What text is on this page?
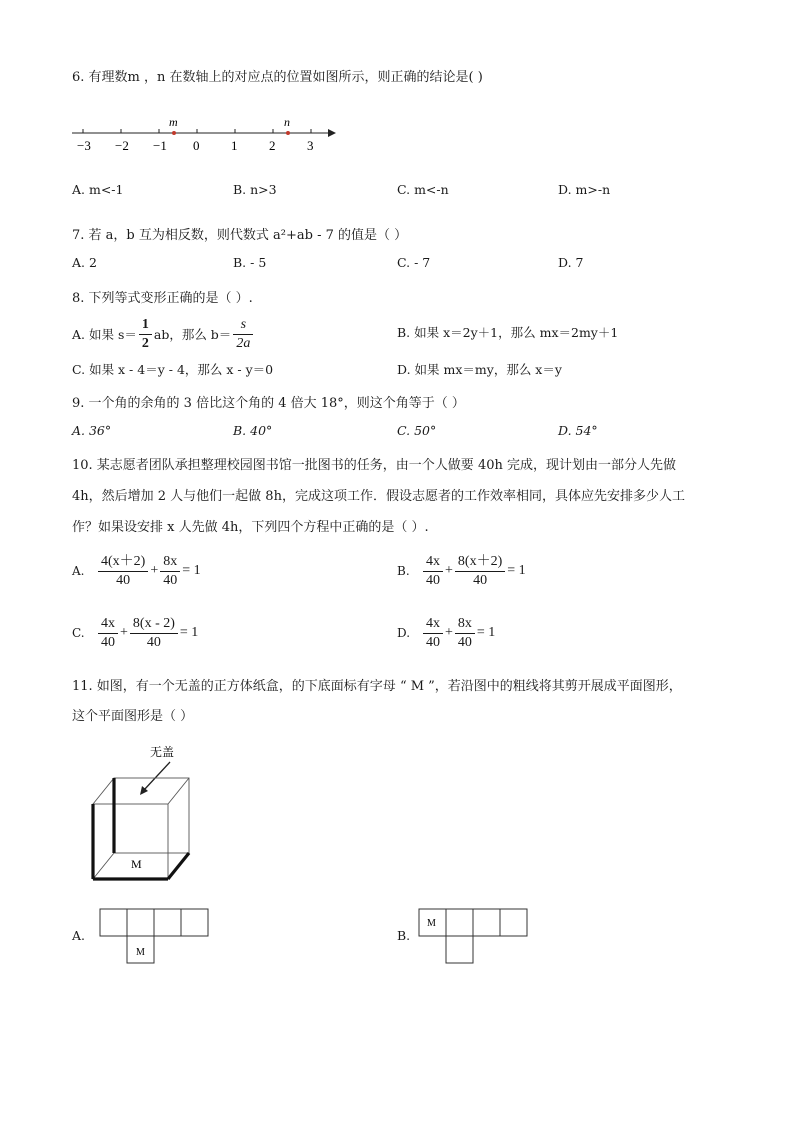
6. 有理数m ，n 在数轴上的对应点的位置如图所示，则正确的结论是( )
−3 −2 −1 0 1 2 3
m	n
A. m<-1	B. n>3	C. m<-n	D. m>-n
7. 若 a，b 互为相反数，则代数式 a²+ab - 7 的值是（ ）
A. 2	B. - 5	C. - 7	D. 7
8. 下列等式变形正确的是（ ）.
A. 如果 $s= \frac{1}{2}$ ab，那么 $b= \frac{s}{2a}$	B. 如果 x＝2y＋1，那么 mx＝2my＋1
C. 如果 x - 4＝y - 4，那么 x - y＝0	D. 如果 mx＝my，那么 x＝y
9. 一个角的余角的 3 倍比这个角的 4 倍大 18°，则这个角等于（ ）
A. 36°	B. 40°	C. 50°	D. 54°
10. 某志愿者团队承担整理校园图书馆一批图书的任务，由一个人做要 40h 完成，现计划由一部分人先做
4h，然后增加 2 人与他们一起做 8h，完成这项工作．假设志愿者的工作效率相同，具体应先安排多少人工
作？如果设安排 x 人先做 4h，下列四个方程中正确的是（ ）.
A. $\frac{4(x+2)}{40} + \frac{8x}{40} = 1$	B. $\frac{4x}{40} + \frac{8(x+2)}{40} = 1$
C. $\frac{4x}{40} + \frac{8(x - 2)}{40} = 1$	D. $\frac{4x}{40} + \frac{8x}{40} = 1$
11. 如图，有一个无盖的正方体纸盒，的下底面标有字母 “ M ”，若沿图中的粗线将其剪开展成平面图形，
这个平面图形是（ ）
无盖
M
A.
M
B.
M
